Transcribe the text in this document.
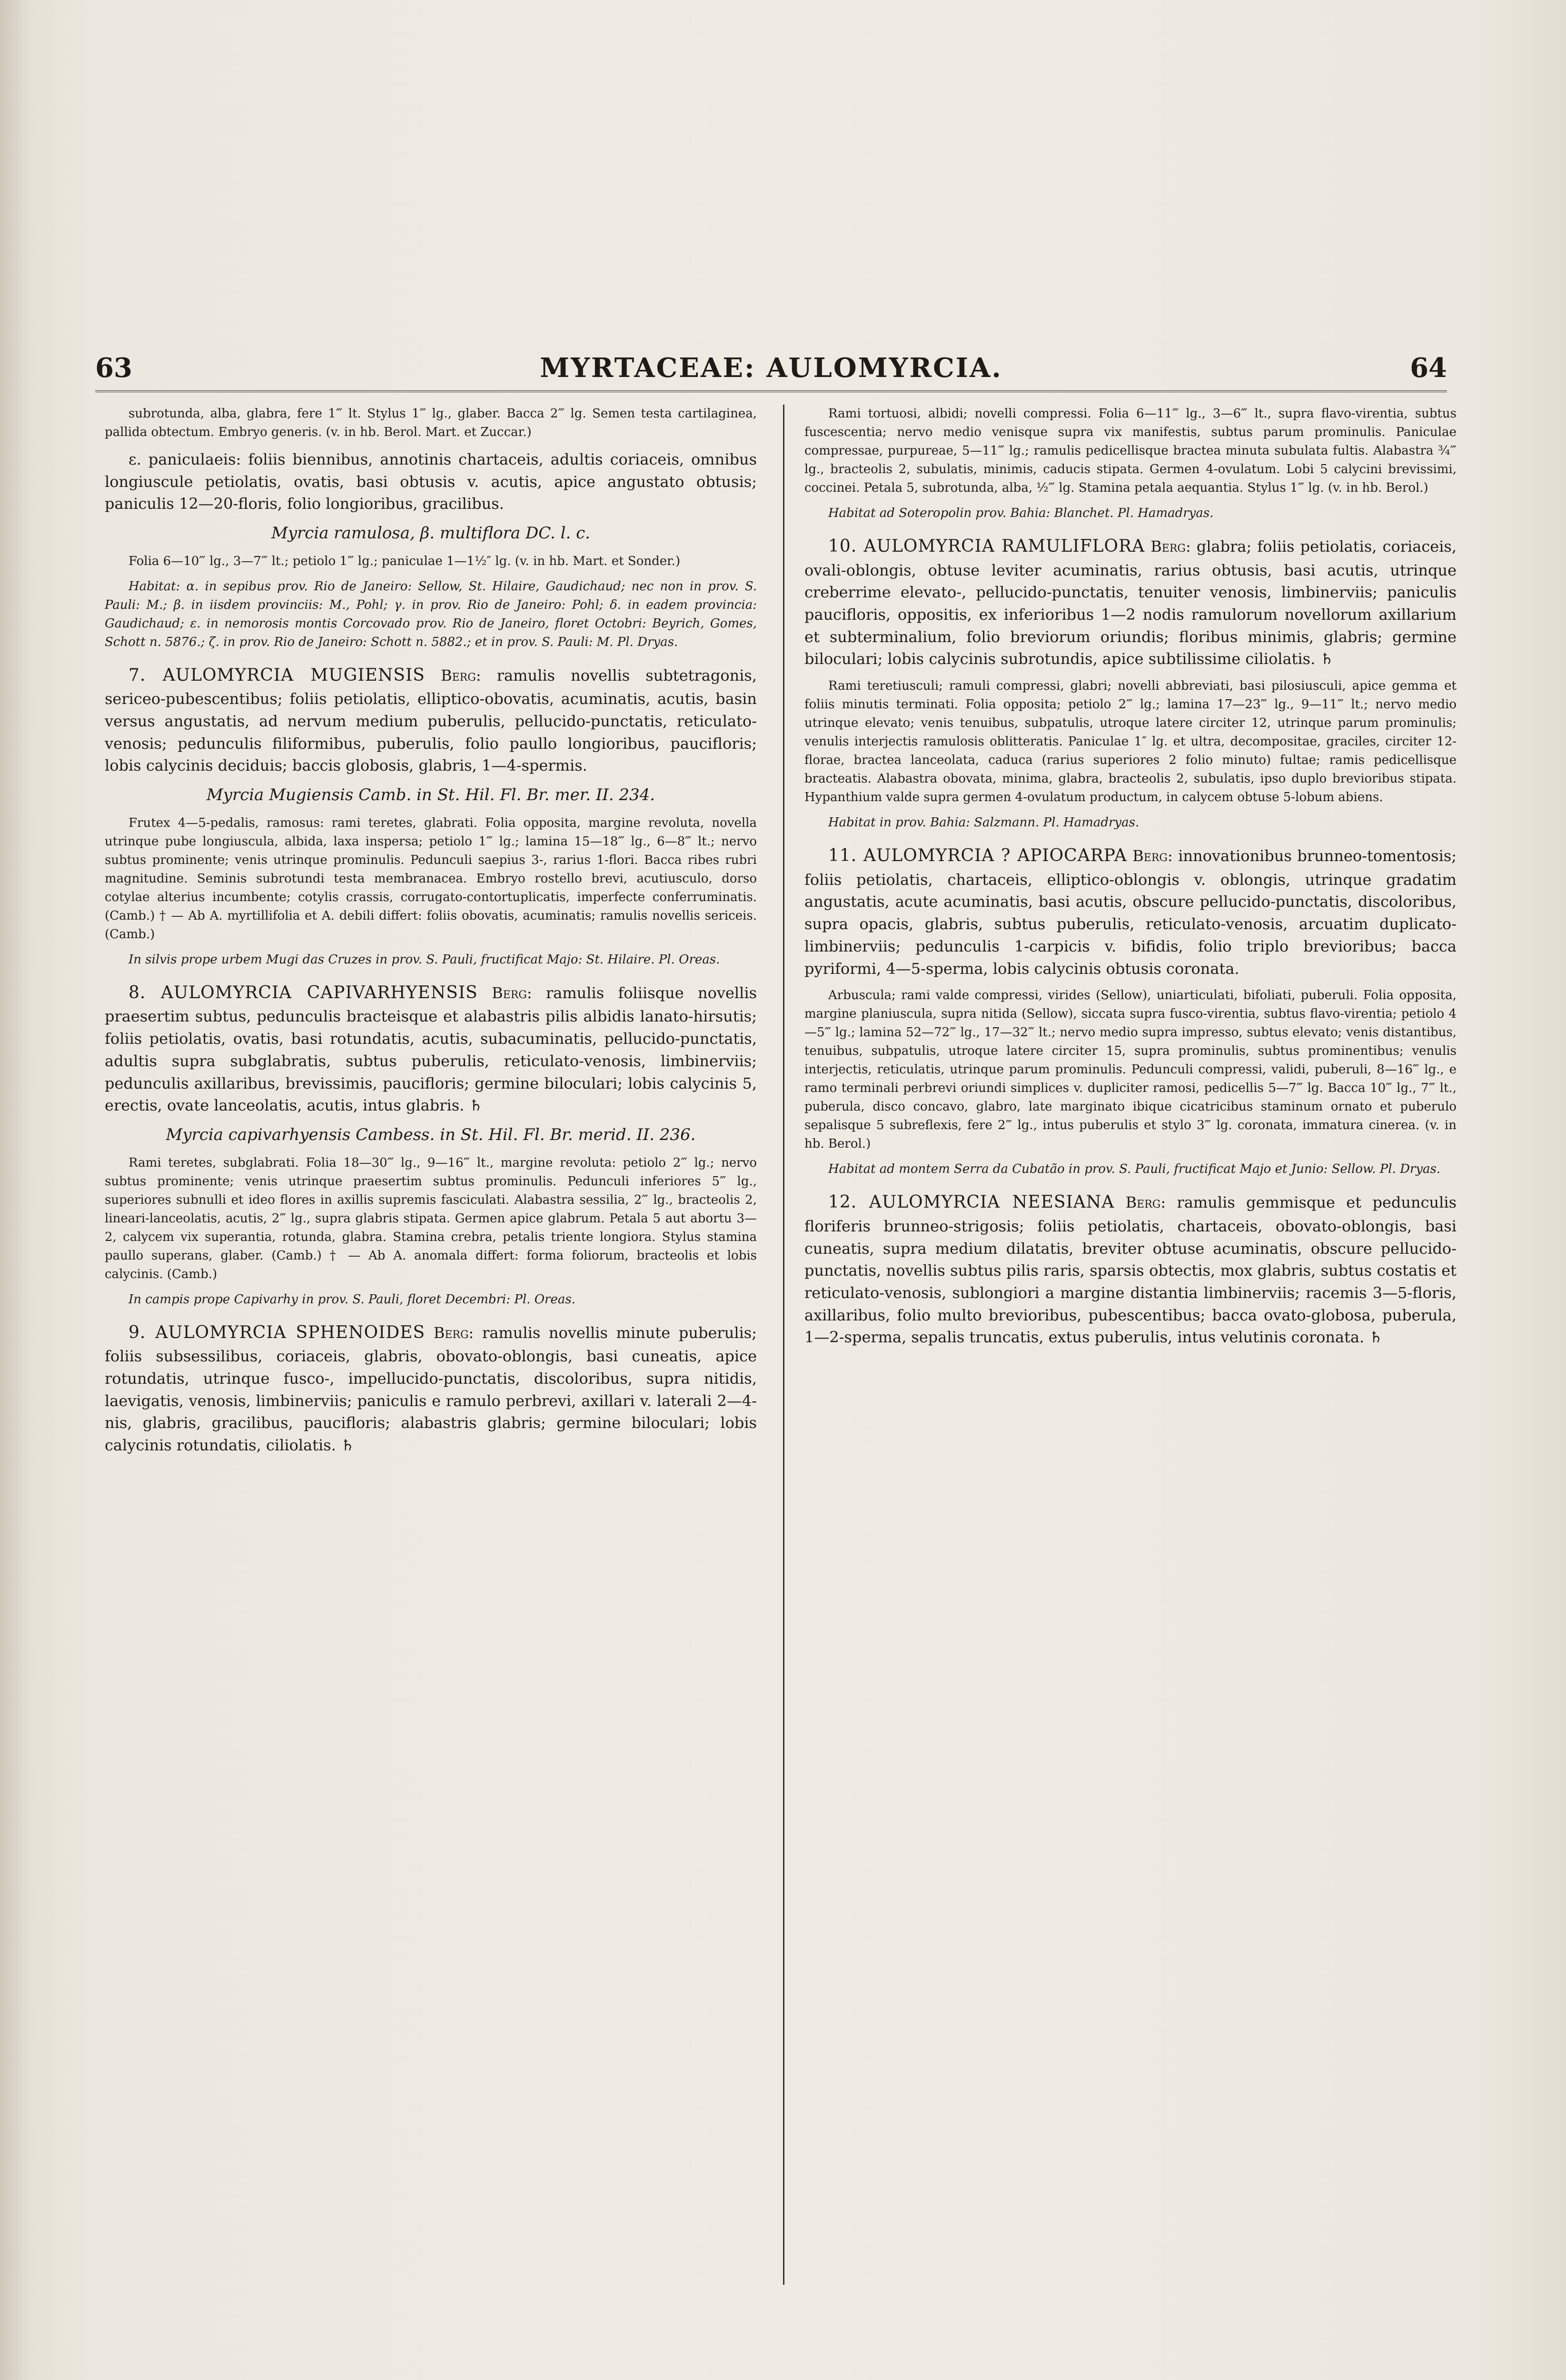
63	MYRTACEAE: AULOMYRCIA.	64

subrotunda, alba, glabra, fere 1‴ lt. Stylus 1‴ lg., glaber. Bacca 2‴ lg. Semen testa cartilaginea, pallida obtectum. Embryo generis. (v. in hb. Berol. Mart. et Zuccar.)

ε. paniculaeis: foliis biennibus, annotinis chartaceis, adultis coriaceis, omnibus longiuscule petiolatis, ovatis, basi obtusis v. acutis, apice angustato obtusis; paniculis 12—20-floris, folio longioribus, gracilibus.

Myrcia ramulosa, β. multiflora DC. l. c.

Folia 6—10‴ lg., 3—7‴ lt.; petiolo 1‴ lg.; paniculae 1—1½″ lg. (v. in hb. Mart. et Sonder.)

Habitat: α. in sepibus prov. Rio de Janeiro: Sellow, St. Hilaire, Gaudichaud; nec non in prov. S. Pauli: M.; β. in iisdem provinciis: M., Pohl; γ. in prov. Rio de Janeiro: Pohl; δ. in eadem provincia: Gaudichaud; ε. in nemorosis montis Corcovado prov. Rio de Janeiro, floret Octobri: Beyrich, Gomes, Schott n. 5876.; ζ. in prov. Rio de Janeiro: Schott n. 5882.; et in prov. S. Pauli: M. Pl. Dryas.

7. AULOMYRCIA MUGIENSIS Berg: ramulis novellis subtetragonis, sericeo-pubescentibus; foliis petiolatis, elliptico-obovatis, acuminatis, acutis, basin versus angustatis, ad nervum medium puberulis, pellucido-punctatis, reticulato-venosis; pedunculis filiformibus, puberulis, folio paullo longioribus, paucifloris; lobis calycinis deciduis; baccis globosis, glabris, 1—4-spermis.

Myrcia Mugiensis Camb. in St. Hil. Fl. Br. mer. II. 234.

Frutex 4—5-pedalis, ramosus: rami teretes, glabrati. Folia opposita, margine revoluta, novella utrinque pube longiuscula, albida, laxa inspersa; petiolo 1‴ lg.; lamina 15—18‴ lg., 6—8‴ lt.; nervo subtus prominente; venis utrinque prominulis. Pedunculi saepius 3-, rarius 1-flori. Bacca ribes rubri magnitudine. Seminis subrotundi testa membranacea. Embryo rostello brevi, acutiusculo, dorso cotylae alterius incumbente; cotylis crassis, corrugato-contortuplicatis, imperfecte conferruminatis. (Camb.) † — Ab A. myrtillifolia et A. debili differt: foliis obovatis, acuminatis; ramulis novellis sericeis. (Camb.)

In silvis prope urbem Mugi das Cruzes in prov. S. Pauli, fructificat Majo: St. Hilaire. Pl. Oreas.

8. AULOMYRCIA CAPIVARHYENSIS Berg: ramulis foliisque novellis praesertim subtus, pedunculis bracteisque et alabastris pilis albidis lanato-hirsutis; foliis petiolatis, ovatis, basi rotundatis, acutis, subacuminatis, pellucido-punctatis, adultis supra subglabratis, subtus puberulis, reticulato-venosis, limbinerviis; pedunculis axillaribus, brevissimis, paucifloris; germine biloculari; lobis calycinis 5, erectis, ovate lanceolatis, acutis, intus glabris. ♄

Myrcia capivarhyensis Cambess. in St. Hil. Fl. Br. merid. II. 236.

Rami teretes, subglabrati. Folia 18—30‴ lg., 9—16‴ lt., margine revoluta: petiolo 2‴ lg.; nervo subtus prominente; venis utrinque praesertim subtus prominulis. Pedunculi inferiores 5‴ lg., superiores subnulli et ideo flores in axillis supremis fasciculati. Alabastra sessilia, 2‴ lg., bracteolis 2, lineari-lanceolatis, acutis, 2‴ lg., supra glabris stipata. Germen apice glabrum. Petala 5 aut abortu 3—2, calycem vix superantia, rotunda, glabra. Stamina crebra, petalis triente longiora. Stylus stamina paullo superans, glaber. (Camb.) † — Ab A. anomala differt: forma foliorum, bracteolis et lobis calycinis. (Camb.)

In campis prope Capivarhy in prov. S. Pauli, floret Decembri: Pl. Oreas.

9. AULOMYRCIA SPHENOIDES Berg: ramulis novellis minute puberulis; foliis subsessilibus, coriaceis, glabris, obovato-oblongis, basi cuneatis, apice rotundatis, utrinque fusco-, impellucido-punctatis, discoloribus, supra nitidis, laevigatis, venosis, limbinerviis; paniculis e ramulo perbrevi, axillari v. laterali 2—4-nis, glabris, gracilibus, paucifloris; alabastris glabris; germine biloculari; lobis calycinis rotundatis, ciliolatis. ♄

Rami tortuosi, albidi; novelli compressi. Folia 6—11‴ lg., 3—6‴ lt., supra flavo-virentia, subtus fuscescentia; nervo medio venisque supra vix manifestis, subtus parum prominulis. Paniculae compressae, purpureae, 5—11‴ lg.; ramulis pedicellisque bractea minuta subulata fultis. Alabastra ¾‴ lg., bracteolis 2, subulatis, minimis, caducis stipata. Germen 4-ovulatum. Lobi 5 calycini brevissimi, coccinei. Petala 5, subrotunda, alba, ½‴ lg. Stamina petala aequantia. Stylus 1‴ lg. (v. in hb. Berol.)

Habitat ad Soteropolin prov. Bahia: Blanchet. Pl. Hamadryas.

10. AULOMYRCIA RAMULIFLORA Berg: glabra; foliis petiolatis, coriaceis, ovali-oblongis, obtuse leviter acuminatis, rarius obtusis, basi acutis, utrinque creberrime elevato-, pellucido-punctatis, tenuiter venosis, limbinerviis; paniculis paucifloris, oppositis, ex inferioribus 1—2 nodis ramulorum novellorum axillarium et subterminalium, folio breviorum oriundis; floribus minimis, glabris; germine biloculari; lobis calycinis subrotundis, apice subtilissime ciliolatis. ♄

Rami teretiusculi; ramuli compressi, glabri; novelli abbreviati, basi pilosiusculi, apice gemma et foliis minutis terminati. Folia opposita; petiolo 2‴ lg.; lamina 17—23‴ lg., 9—11‴ lt.; nervo medio utrinque elevato; venis tenuibus, subpatulis, utroque latere circiter 12, utrinque parum prominulis; venulis interjectis ramulosis oblitteratis. Paniculae 1″ lg. et ultra, decompositae, graciles, circiter 12-florae, bractea lanceolata, caduca (rarius superiores 2 folio minuto) fultae; ramis pedicellisque bracteatis. Alabastra obovata, minima, glabra, bracteolis 2, subulatis, ipso duplo brevioribus stipata. Hypanthium valde supra germen 4-ovulatum productum, in calycem obtuse 5-lobum abiens.

Habitat in prov. Bahia: Salzmann. Pl. Hamadryas.

11. AULOMYRCIA ? APIOCARPA Berg: innovationibus brunneo-tomentosis; foliis petiolatis, chartaceis, elliptico-oblongis v. oblongis, utrinque gradatim angustatis, acute acuminatis, basi acutis, obscure pellucido-punctatis, discoloribus, supra opacis, glabris, subtus puberulis, reticulato-venosis, arcuatim duplicato-limbinerviis; pedunculis 1-carpicis v. bifidis, folio triplo brevioribus; bacca pyriformi, 4—5-sperma, lobis calycinis obtusis coronata.

Arbuscula; rami valde compressi, virides (Sellow), uniarticulati, bifoliati, puberuli. Folia opposita, margine planiuscula, supra nitida (Sellow), siccata supra fusco-virentia, subtus flavo-virentia; petiolo 4—5‴ lg.; lamina 52—72‴ lg., 17—32‴ lt.; nervo medio supra impresso, subtus elevato; venis distantibus, tenuibus, subpatulis, utroque latere circiter 15, supra prominulis, subtus prominentibus; venulis interjectis, reticulatis, utrinque parum prominulis. Pedunculi compressi, validi, puberuli, 8—16‴ lg., e ramo terminali perbrevi oriundi simplices v. dupliciter ramosi, pedicellis 5—7‴ lg. Bacca 10‴ lg., 7‴ lt., puberula, disco concavo, glabro, late marginato ibique cicatricibus staminum ornato et puberulo sepalisque 5 subreflexis, fere 2‴ lg., intus puberulis et stylo 3‴ lg. coronata, immatura cinerea. (v. in hb. Berol.)

Habitat ad montem Serra da Cubatão in prov. S. Pauli, fructificat Majo et Junio: Sellow. Pl. Dryas.

12. AULOMYRCIA NEESIANA Berg: ramulis gemmisque et pedunculis floriferis brunneo-strigosis; foliis petiolatis, chartaceis, obovato-oblongis, basi cuneatis, supra medium dilatatis, breviter obtuse acuminatis, obscure pellucido-punctatis, novellis subtus pilis raris, sparsis obtectis, mox glabris, subtus costatis et reticulato-venosis, sublongiori a margine distantia limbinerviis; racemis 3—5-floris, axillaribus, folio multo brevioribus, pubescentibus; bacca ovato-globosa, puberula, 1—2-sperma, sepalis truncatis, extus puberulis, intus velutinis coronata. ♄
